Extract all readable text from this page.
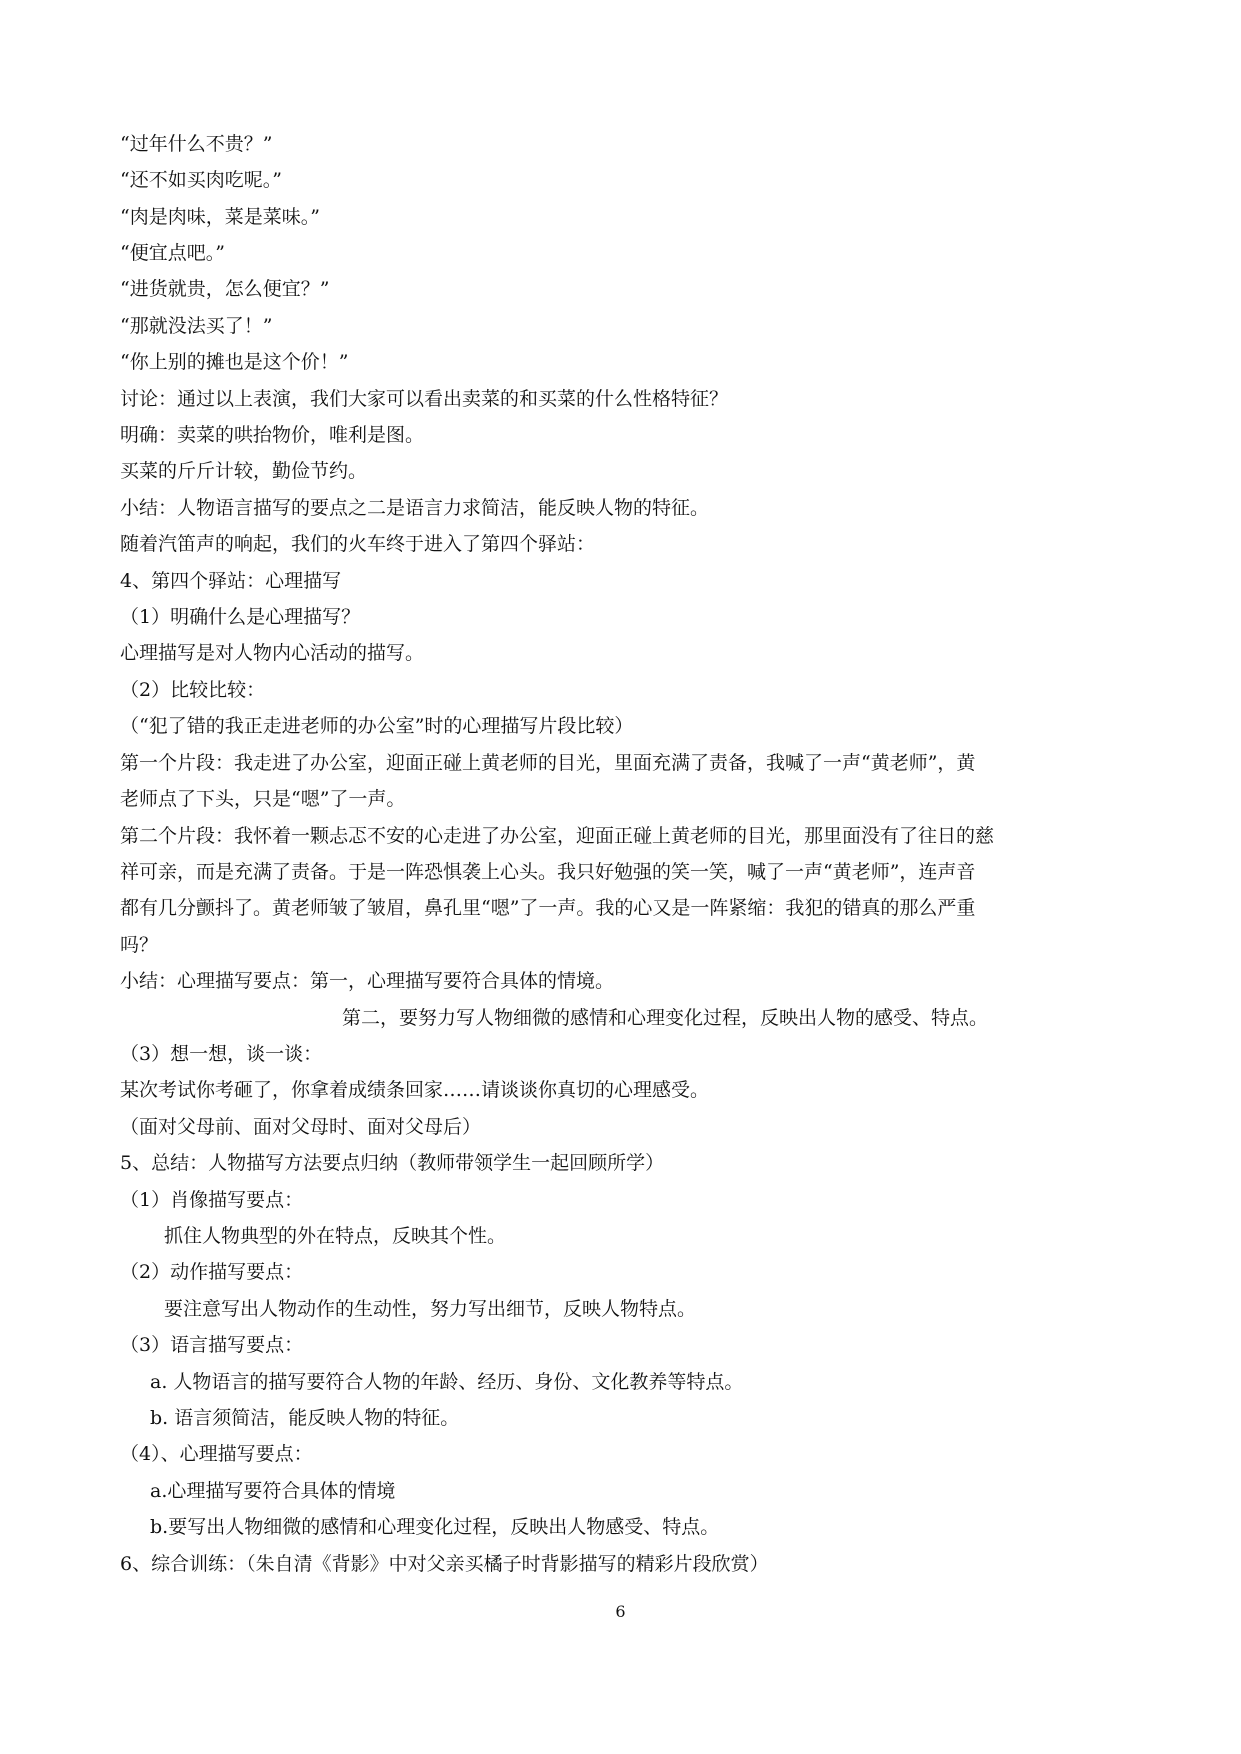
“过年什么不贵？”
“还不如买肉吃呢。”
“肉是肉味，菜是菜味。”
“便宜点吧。”
“进货就贵，怎么便宜？”
“那就没法买了！”
“你上别的摊也是这个价！”
讨论：通过以上表演，我们大家可以看出卖菜的和买菜的什么性格特征？
明确：卖菜的哄抬物价，唯利是图。
买菜的斤斤计较，勤俭节约。
小结：人物语言描写的要点之二是语言力求简洁，能反映人物的特征。
随着汽笛声的响起，我们的火车终于进入了第四个驿站：
4、第四个驿站：心理描写
（1）明确什么是心理描写？
心理描写是对人物内心活动的描写。
（2）比较比较：
（“犯了错的我正走进老师的办公室”时的心理描写片段比较）
第一个片段：我走进了办公室，迎面正碰上黄老师的目光，里面充满了责备，我喊了一声“黄老师”，黄
老师点了下头，只是“嗯”了一声。
第二个片段：我怀着一颗忐忑不安的心走进了办公室，迎面正碰上黄老师的目光，那里面没有了往日的慈
祥可亲，而是充满了责备。于是一阵恐惧袭上心头。我只好勉强的笑一笑，喊了一声“黄老师”，连声音
都有几分颤抖了。黄老师皱了皱眉，鼻孔里“嗯”了一声。我的心又是一阵紧缩：我犯的错真的那么严重
吗？
小结：心理描写要点：第一，心理描写要符合具体的情境。
第二，要努力写人物细微的感情和心理变化过程，反映出人物的感受、特点。
（3）想一想，谈一谈：
某次考试你考砸了，你拿着成绩条回家……请谈谈你真切的心理感受。
（面对父母前、面对父母时、面对父母后）
5、总结：人物描写方法要点归纳（教师带领学生一起回顾所学）
（1）肖像描写要点：
抓住人物典型的外在特点，反映其个性。
（2）动作描写要点：
要注意写出人物动作的生动性，努力写出细节，反映人物特点。
（3）语言描写要点：
a. 人物语言的描写要符合人物的年龄、经历、身份、文化教养等特点。
b. 语言须简洁，能反映人物的特征。
（4）、心理描写要点：
a.心理描写要符合具体的情境
b.要写出人物细微的感情和心理变化过程，反映出人物感受、特点。
6、综合训练：（朱自清《背影》中对父亲买橘子时背影描写的精彩片段欣赏）
6
